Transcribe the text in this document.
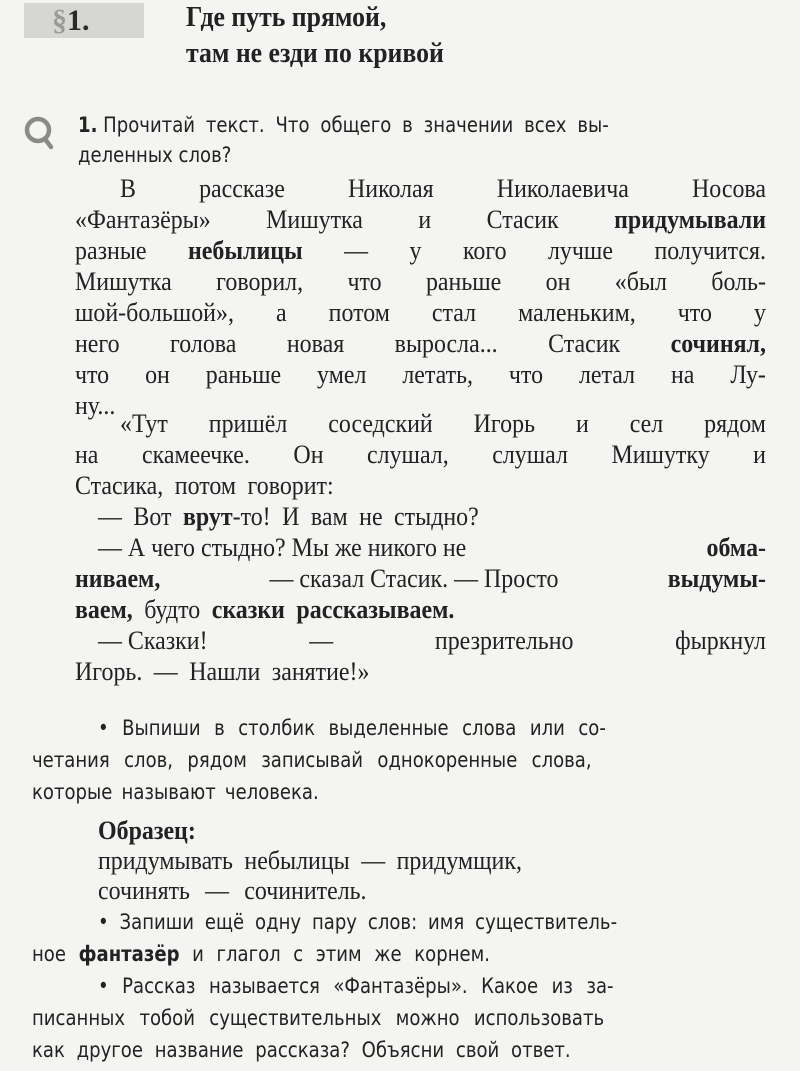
§1.	Где путь прямой,
там не езди по кривой
1. Прочитай текст. Что общего в значении всех вы-
деленных слов?
В рассказе Николая Николаевича Носова
«Фантазёры» Мишутка и Стасик придумывали
разные небылицы — у кого лучше получится.
Мишутка говорил, что раньше он «был боль-
шой-большой», а потом стал маленьким, что у
него голова новая выросла... Стасик сочинял,
что он раньше умел летать, что летал на Лу-
ну...
«Тут пришёл соседский Игорь и сел рядом
на скамеечке. Он слушал, слушал Мишутку и
Стасика, потом говорит:
— Вот врут-то! И вам не стыдно?
— А чего стыдно? Мы же никого не	обма-
ниваем,	— сказал Стасик. — Просто	выдумы-
ваем, будто сказки рассказываем.
— Сказки!	—	презрительно	фыркнул
Игорь. — Нашли занятие!»
• Выпиши в столбик выделенные слова или со-
четания слов, рядом записывай однокоренные слова,
которые называют человека.
Образец:
придумывать небылицы — придумщик,
сочинять — сочинитель.
• Запиши ещё одну пару слов: имя существитель-
ное фантазёр и глагол с этим же корнем.
• Рассказ называется «Фантазёры». Какое из за-
писанных тобой существительных можно использовать
как другое название рассказа? Объясни свой ответ.
